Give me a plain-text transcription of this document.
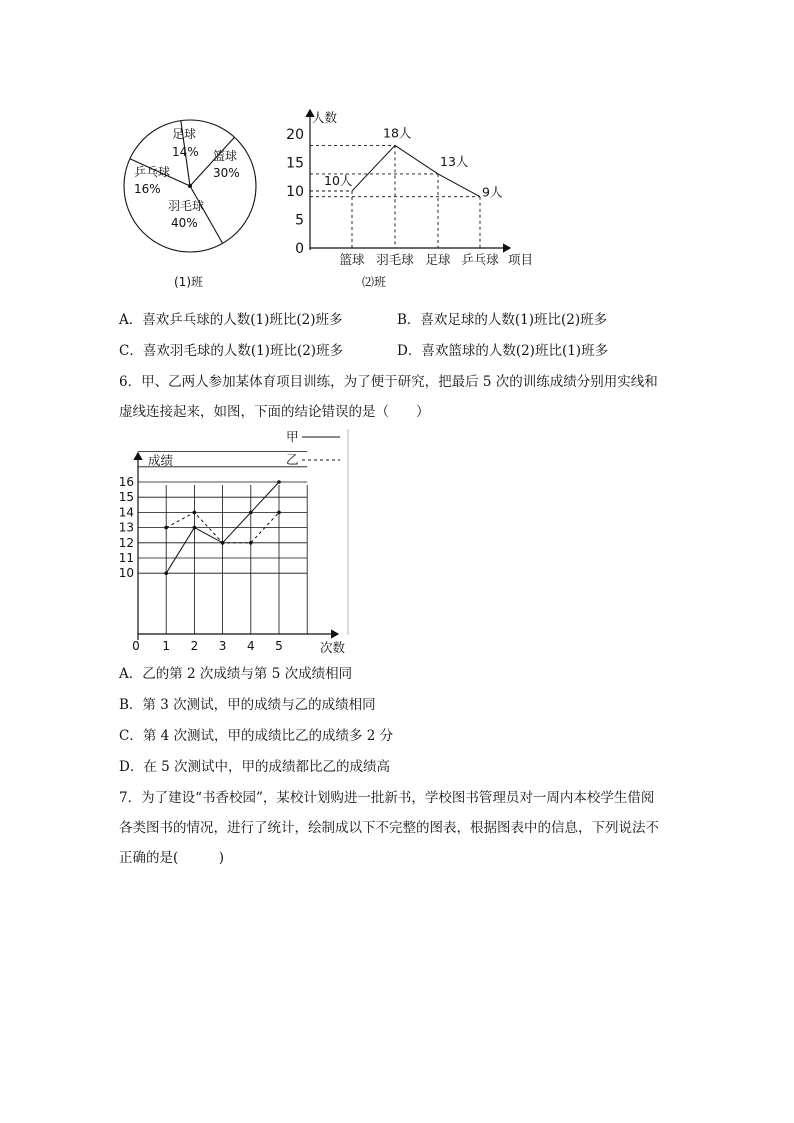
足球
14% 篮球
30%
羽毛球
40%
乒乓球
16%
(1)班
人数
项目
20
15
10
5
0
10人
18人
13人
9人
篮球 羽毛球 足球 乒乓球
⑵班
A．喜欢乒乓球的人数(1)班比(2)班多	B．喜欢足球的人数(1)班比(2)班多
C．喜欢羽毛球的人数(1)班比(2)班多	D．喜欢篮球的人数(2)班比(1)班多
6．甲、乙两人参加某体育项目训练，为了便于研究，把最后 5 次的训练成绩分别用实线和
虚线连接起来，如图，下面的结论错误的是（　　）
甲
乙
成绩
次数
16
15
14
13
12
11
10
0 1 2 3 4 5
A．乙的第 2 次成绩与第 5 次成绩相同
B．第 3 次测试，甲的成绩与乙的成绩相同
C．第 4 次测试，甲的成绩比乙的成绩多 2 分
D．在 5 次测试中，甲的成绩都比乙的成绩高
7．为了建设“书香校园”，某校计划购进一批新书，学校图书管理员对一周内本校学生借阅
各类图书的情况，进行了统计，绘制成以下不完整的图表，根据图表中的信息，下列说法不
正确的是(　　　)
